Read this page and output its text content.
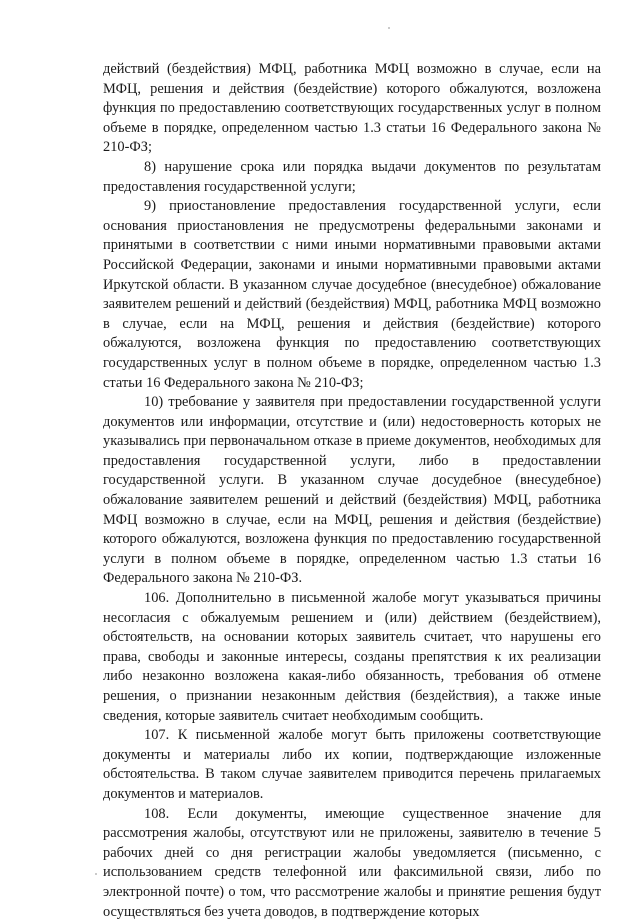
действий (бездействия) МФЦ, работника МФЦ возможно в случае, если на МФЦ, решения и действия (бездействие) которого обжалуются, возложена функция по предоставлению соответствующих государственных услуг в полном объеме в порядке, определенном частью 1.3 статьи 16 Федерального закона № 210-ФЗ;

8) нарушение срока или порядка выдачи документов по результатам предоставления государственной услуги;

9) приостановление предоставления государственной услуги, если основания приостановления не предусмотрены федеральными законами и принятыми в соответствии с ними иными нормативными правовыми актами Российской Федерации, законами и иными нормативными правовыми актами Иркутской области. В указанном случае досудебное (внесудебное) обжалование заявителем решений и действий (бездействия) МФЦ, работника МФЦ возможно в случае, если на МФЦ, решения и действия (бездействие) которого обжалуются, возложена функция по предоставлению соответствующих государственных услуг в полном объеме в порядке, определенном частью 1.3 статьи 16 Федерального закона № 210-ФЗ;

10) требование у заявителя при предоставлении государственной услуги документов или информации, отсутствие и (или) недостоверность которых не указывались при первоначальном отказе в приеме документов, необходимых для предоставления государственной услуги, либо в предоставлении государственной услуги. В указанном случае досудебное (внесудебное) обжалование заявителем решений и действий (бездействия) МФЦ, работника МФЦ возможно в случае, если на МФЦ, решения и действия (бездействие) которого обжалуются, возложена функция по предоставлению государственной услуги в полном объеме в порядке, определенном частью 1.3 статьи 16 Федерального закона № 210-ФЗ.

106. Дополнительно в письменной жалобе могут указываться причины несогласия с обжалуемым решением и (или) действием (бездействием), обстоятельств, на основании которых заявитель считает, что нарушены его права, свободы и законные интересы, созданы препятствия к их реализации либо незаконно возложена какая-либо обязанность, требования об отмене решения, о признании незаконным действия (бездействия), а также иные сведения, которые заявитель считает необходимым сообщить.

107. К письменной жалобе могут быть приложены соответствующие документы и материалы либо их копии, подтверждающие изложенные обстоятельства. В таком случае заявителем приводится перечень прилагаемых документов и материалов.

108. Если документы, имеющие существенное значение для рассмотрения жалобы, отсутствуют или не приложены, заявителю в течение 5 рабочих дней со дня регистрации жалобы уведомляется (письменно, с использованием средств телефонной или факсимильной связи, либо по электронной почте) о том, что рассмотрение жалобы и принятие решения будут осуществляться без учета доводов, в подтверждение которых
